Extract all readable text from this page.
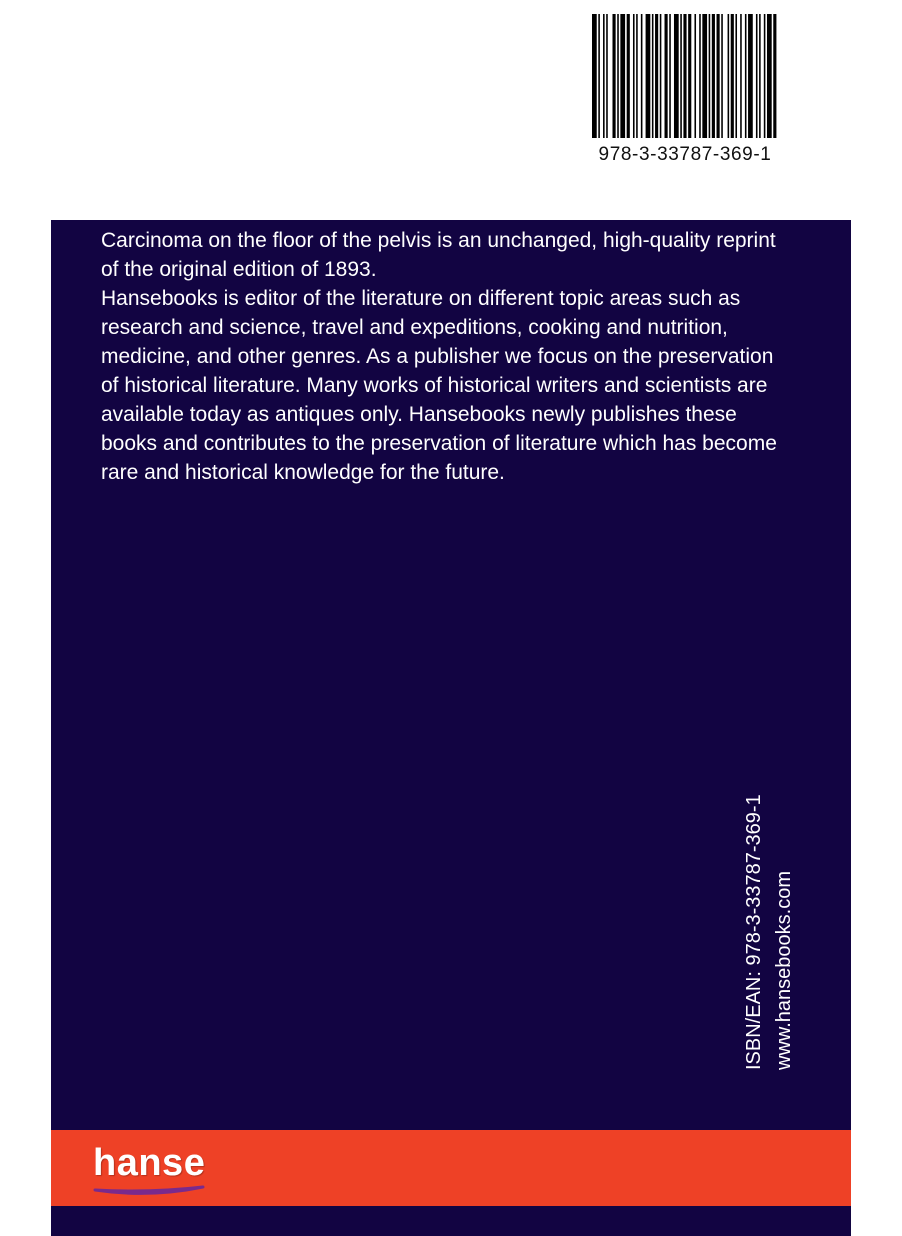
978-3-33787-369-1

Carcinoma on the floor of the pelvis is an unchanged, high-quality reprint of the original edition of 1893.

Hansebooks is editor of the literature on different topic areas such as research and science, travel and expeditions, cooking and nutrition, medicine, and other genres. As a publisher we focus on the preservation of historical literature. Many works of historical writers and scientists are available today as antiques only. Hansebooks newly publishes these books and contributes to the preservation of literature which has become rare and historical knowledge for the future.

ISBN/EAN: 978-3-33787-369-1 www.hansebooks.com
hanse
